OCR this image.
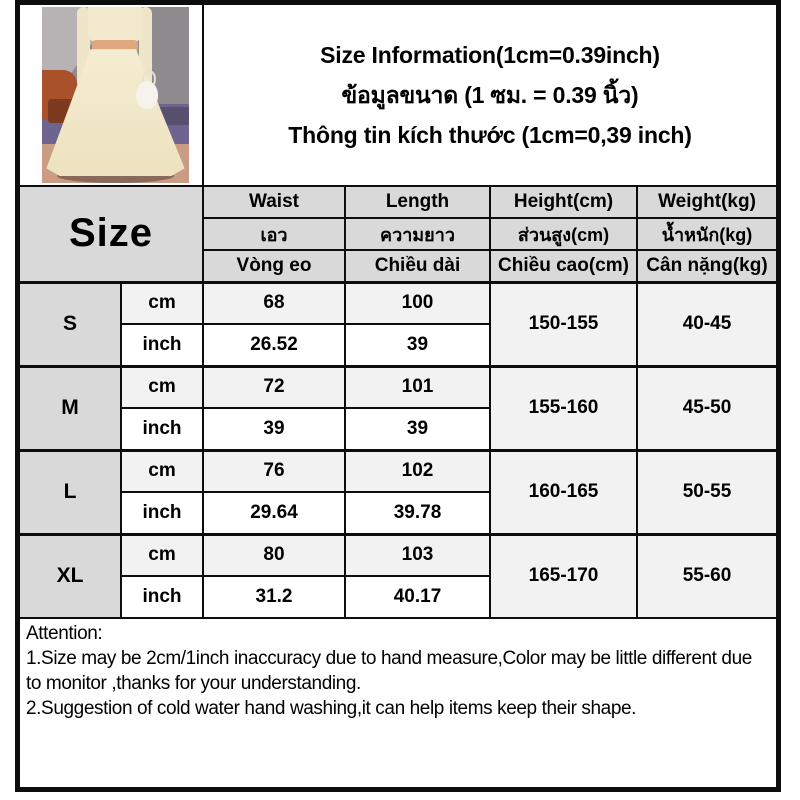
		Size Information(1cm=0.39inch)
ข้อมูลขนาด (1 ซม. = 0.39 นิ้ว)
Thông tin kích thước (1cm=0,39 inch)			

Size		Waist	Length	Height(cm)	Weight(kg)
		เอว	ความยาว	ส่วนสูง(cm)	น้ำหนัก(kg)
		Vòng eo	Chiều dài	Chiều cao(cm)	Cân nặng(kg)
S	cm	68	100	150-155	40-45
	inch	26.52	39		
M	cm	72	101	155-160	45-50
	inch	39	39		
L	cm	76	102	160-165	50-55
	inch	29.64	39.78		
XL	cm	80	103	165-170	55-60
	inch	31.2	40.17		

Attention:
1.Size may be 2cm/1inch inaccuracy due to hand measure,Color may be little different due to monitor ,thanks for your understanding.
2.Suggestion of cold water hand washing,it can help items keep their shape.					
